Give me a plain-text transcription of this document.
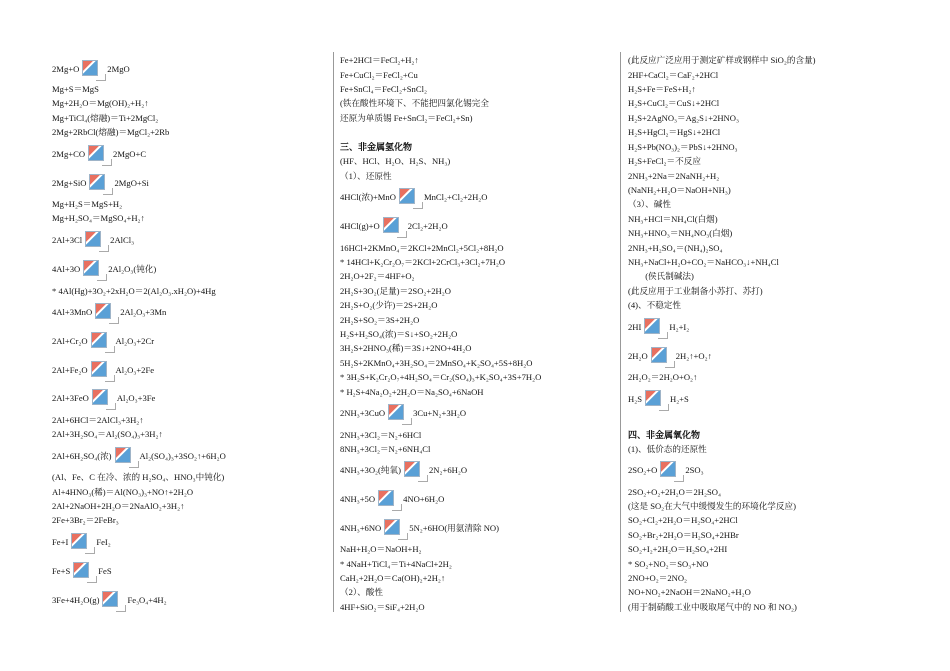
2Mg+O	2MgO
Mg+S＝MgS
Mg+2H₂O＝Mg(OH)₂+H₂↑
Mg+TiCl₄(熔融)＝Ti+2MgCl₂
2Mg+2RbCl(熔融)＝MgCl₂+2Rb
2Mg+CO	2MgO+C
2Mg+SiO	2MgO+Si
Mg+H₂S＝MgS+H₂
Mg+H₂SO₄＝MgSO₄+H₂↑
2Al+3Cl	2AlCl₃
4Al+3O	2Al₂O₃(钝化)
* 4Al(Hg)+3O₂+2xH₂O＝2(Al₂O₃.xH₂O)+4Hg
4Al+3MnO	2Al₂O₃+3Mn
2Al+Cr₂O	Al₂O₃+2Cr
2Al+Fe₂O	Al₂O₃+2Fe
2Al+3FeO	Al₂O₃+3Fe
2Al+6HCl＝2AlCl₃+3H₂↑
2Al+3H₂SO₄＝Al₂(SO₄)₃+3H₂↑
2Al+6H₂SO₄(浓)	Al₂(SO₄)₃+3SO₂↑+6H₂O
(Al、Fe、C 在冷、浓的 H₂SO₄、HNO₃中钝化)
Al+4HNO₃(稀)＝Al(NO₃)₃+NO↑+2H₂O
2Al+2NaOH+2H₂O＝2NaAlO₂+3H₂↑
2Fe+3Br₂＝2FeBr₃
Fe+I	FeI₂
Fe+S	FeS
3Fe+4H₂O(g)	Fe₃O₄+4H₂
Fe+2HCl＝FeCl₂+H₂↑
Fe+CuCl₂＝FeCl₂+Cu
Fe+SnCl₄＝FeCl₂+SnCl₂
(铁在酸性环境下、不能把四氯化锡完全
还原为单质锡 Fe+SnCl₂＝FeCl₂+Sn)
三、非金属氢化物
(HF、HCl、H₂O、H₂S、NH₃)
（1）、还原性
4HCl(浓)+MnO	MnCl₂+Cl₂+2H₂O
4HCl(g)+O	2Cl₂+2H₂O
16HCl+2KMnO₄＝2KCl+2MnCl₂+5Cl₂+8H₂O
* 14HCl+K₂Cr₂O₇＝2KCl+2CrCl₃+3Cl₂+7H₂O
2H₂O+2F₂＝4HF+O₂
2H₂S+3O₂(足量)＝2SO₂+2H₂O
2H₂S+O₂(少许)＝2S+2H₂O
2H₂S+SO₂＝3S+2H₂O
H₂S+H₂SO₄(浓)＝S↓+SO₂+2H₂O
3H₂S+2HNO₃(稀)＝3S↓+2NO+4H₂O
5H₂S+2KMnO₄+3H₂SO₄＝2MnSO₄+K₂SO₄+5S+8H₂O
* 3H₂S+K₂Cr₂O₇+4H₂SO₄＝Cr₂(SO₄)₃+K₂SO₄+3S+7H₂O
* H₂S+4Na₂O₂+2H₂O＝Na₂SO₄+6NaOH
2NH₃+3CuO	3Cu+N₂+3H₂O
2NH₃+3Cl₂＝N₂+6HCl
8NH₃+3Cl₂＝N₂+6NH₄Cl
4NH₃+3O₂(纯氧)	2N₂+6H₂O
4NH₃+5O	4NO+6H₂O
4NH₃+6NO	5N₂+6HO(用氨清除 NO)
NaH+H₂O＝NaOH+H₂
* 4NaH+TiCl₄＝Ti+4NaCl+2H₂
CaH₂+2H₂O＝Ca(OH)₂+2H₂↑
（2）、酸性
4HF+SiO₂＝SiF₄+2H₂O
(此反应广泛应用于测定矿样或钢样中 SiO₂的含量)
2HF+CaCl₂＝CaF₂+2HCl
H₂S+Fe＝FeS+H₂↑
H₂S+CuCl₂＝CuS↓+2HCl
H₂S+2AgNO₃＝Ag₂S↓+2HNO₃
H₂S+HgCl₂＝HgS↓+2HCl
H₂S+Pb(NO₃)₂＝PbS↓+2HNO₃
H₂S+FeCl₂＝不反应
2NH₃+2Na＝2NaNH₂+H₂
(NaNH₂+H₂O＝NaOH+NH₃)
（3）、碱性
NH₃+HCl＝NH₄Cl(白烟)
NH₃+HNO₃＝NH₄NO₃(白烟)
2NH₃+H₂SO₄＝(NH₄)₂SO₄
NH₃+NaCl+H₂O+CO₂＝NaHCO₃↓+NH₄Cl
　　(侯氏制碱法)
(此反应用于工业制备小苏打、苏打)
(4)、不稳定性
2HI	H₂+I₂
2H₂O	2H₂↑+O₂↑
2H₂O₂＝2H₂O+O₂↑
H₂S	H₂+S
四、非金属氧化物
(1)、低价态的还原性
2SO₂+O	2SO₃
2SO₂+O₂+2H₂O＝2H₂SO₄
(这是 SO₂在大气中缓慢发生的环境化学反应)
SO₂+Cl₂+2H₂O＝H₂SO₄+2HCl
SO₂+Br₂+2H₂O＝H₂SO₄+2HBr
SO₂+I₂+2H₂O＝H₂SO₄+2HI
* SO₂+NO₂＝SO₃+NO
2NO+O₂＝2NO₂
NO+NO₂+2NaOH＝2NaNO₂+H₂O
(用于制硝酸工业中吸取尾气中的 NO 和 NO₂)
